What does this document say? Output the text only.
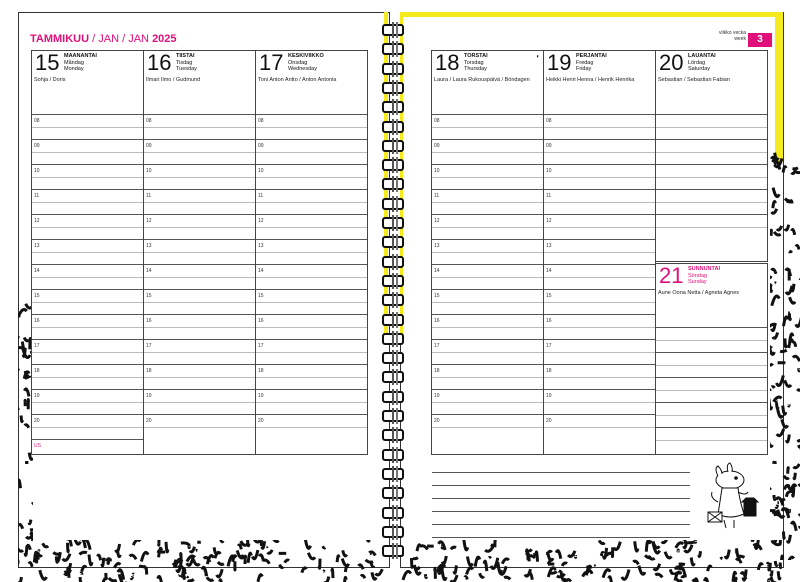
TAMMIKUU / JAN / JAN 2025	viikko vecka week	3
15 MAANANTAI
Måndag
Monday
Sohja / Doris
08
09
10
11
12
13
14
15
16
17
18
19
20
US
16 TIISTAI
Tisdag
Tuesday
Ilmari Ilmo / Gudmund
08
09
10
11
12
13
14
15
16
17
18
19
20
17 KESKIVIIKKO
Onsdag
Wednesday
Toni Anton Antto / Anton Antonia
08
09
10
11
12
13
14
15
16
17
18
19
20
18 TORSTAI
Torsdag
Thursday
Laura / Laura Rukouspäivä / Böndagen
◐
08
09
10
11
12
13
14
15
16
17
18
19
20
19 PERJANTAI
Fredag
Friday
Heikki Henri Henna / Henrik Henrika
08
09
10
11
12
13
14
15
16
17
18
19
20
20 LAUANTAI
Lördag
Saturday
Sebastian / Sebastian Fabian
21 SUNNUNTAI
Söndag
Sunday
Aune Oona Netta / Agneta Agnes
